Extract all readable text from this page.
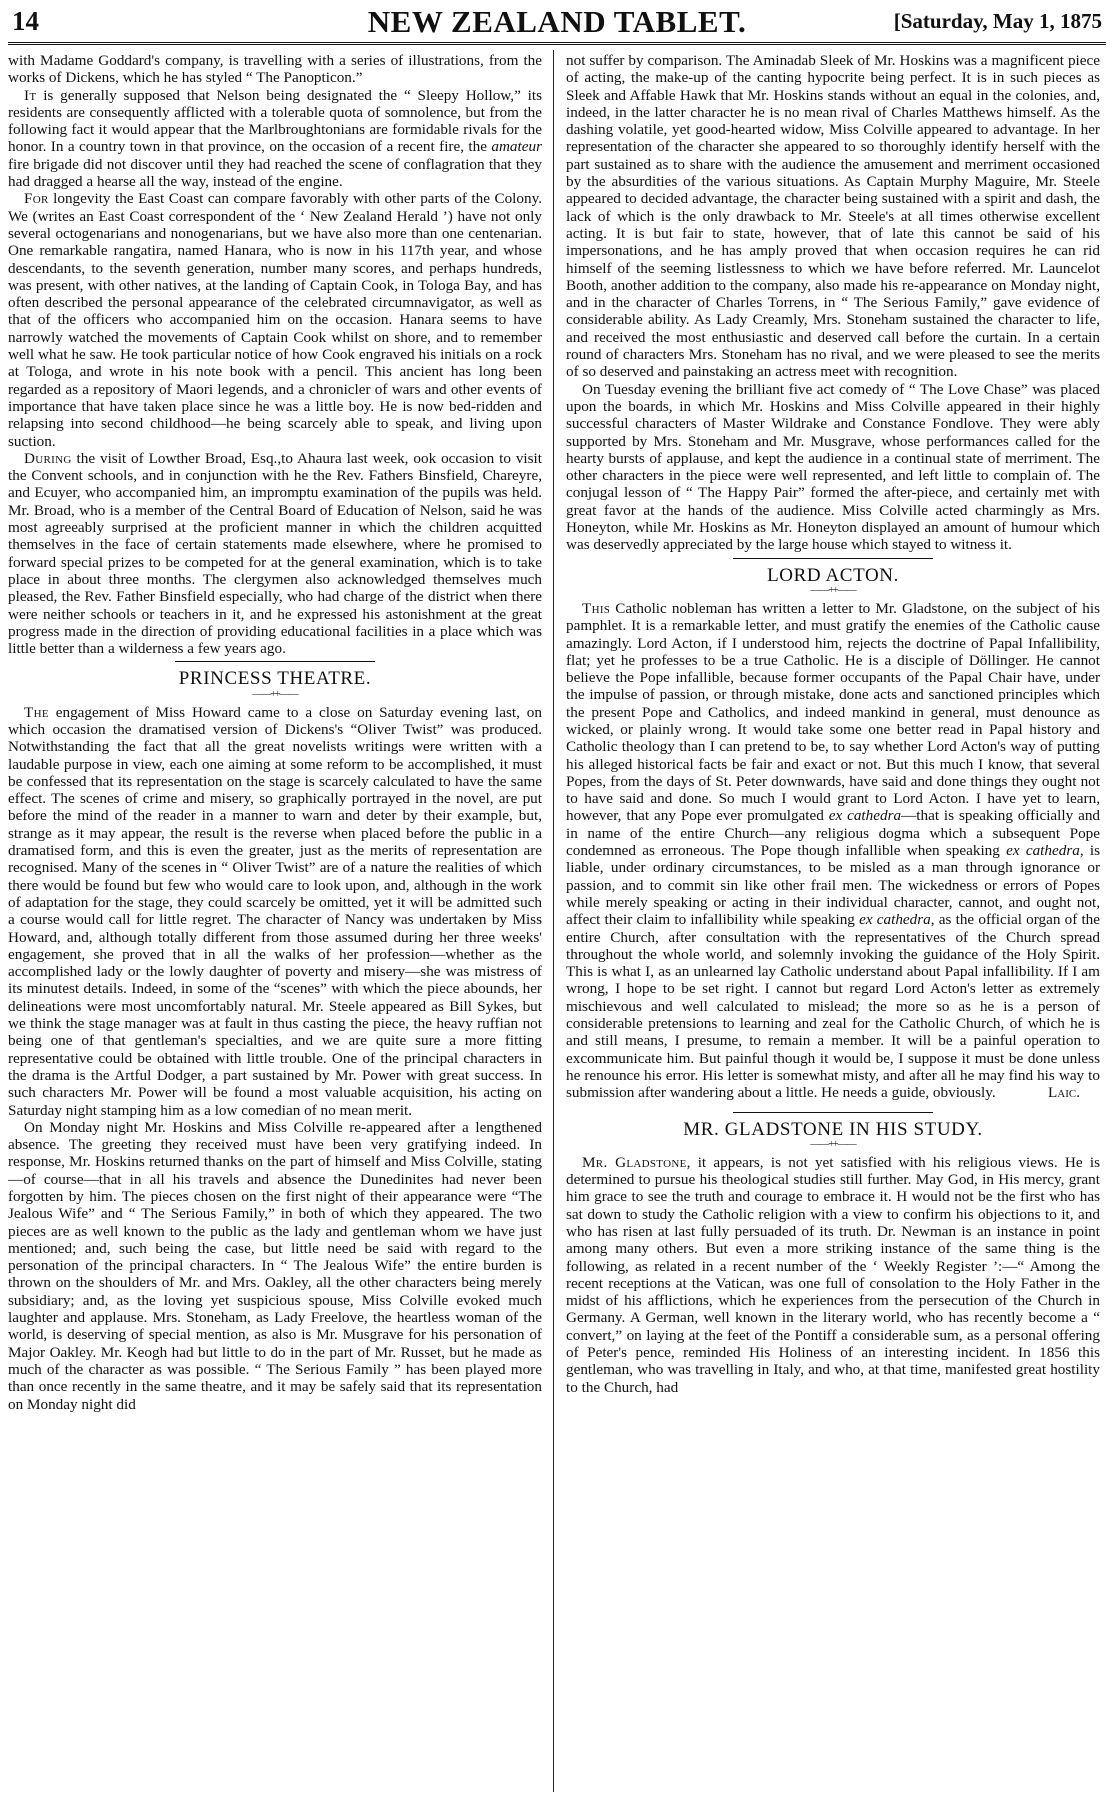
14	NEW ZEALAND TABLET.	[Saturday, May 1, 1875

with Madame Goddard's company, is travelling with a series of illustrations, from the works of Dickens, which he has styled “ The Panopticon.”

It is generally supposed that Nelson being designated the “ Sleepy Hollow,” its residents are consequently afflicted with a tolerable quota of somnolence, but from the following fact it would appear that the Marlbroughtonians are formidable rivals for the honor. In a country town in that province, on the occasion of a recent fire, the amateur fire brigade did not discover until they had reached the scene of conflagration that they had dragged a hearse all the way, instead of the engine.

For longevity the East Coast can compare favorably with other parts of the Colony. We (writes an East Coast correspondent of the ‘ New Zealand Herald ’) have not only several octogenarians and nonogenarians, but we have also more than one centenarian. One remarkable rangatira, named Hanara, who is now in his 117th year, and whose descendants, to the seventh generation, number many scores, and perhaps hundreds, was present, with other natives, at the landing of Captain Cook, in Tologa Bay, and has often described the personal appearance of the celebrated circumnavigator, as well as that of the officers who accompanied him on the occasion. Hanara seems to have narrowly watched the movements of Captain Cook whilst on shore, and to remember well what he saw. He took particular notice of how Cook engraved his initials on a rock at Tologa, and wrote in his note book with a pencil. This ancient has long been regarded as a repository of Maori legends, and a chronicler of wars and other events of importance that have taken place since he was a little boy. He is now bed-ridden and relapsing into second childhood—he being scarcely able to speak, and living upon suction.

During the visit of Lowther Broad, Esq.,to Ahaura last week, ook occasion to visit the Convent schools, and in conjunction with he the Rev. Fathers Binsfield, Chareyre, and Ecuyer, who accompanied him, an impromptu examination of the pupils was held. Mr. Broad, who is a member of the Central Board of Education of Nelson, said he was most agreeably surprised at the proficient manner in which the children acquitted themselves in the face of certain statements made elsewhere, where he promised to forward special prizes to be competed for at the general examination, which is to take place in about three months. The clergymen also acknowledged themselves much pleased, the Rev. Father Binsfield especially, who had charge of the district when there were neither schools or teachers in it, and he expressed his astonishment at the great progress made in the direction of providing educational facilities in a place which was little better than a wilderness a few years ago.

PRINCESS THEATRE.
——++——

The engagement of Miss Howard came to a close on Saturday evening last, on which occasion the dramatised version of Dickens's “Oliver Twist” was produced. Notwithstanding the fact that all the great novelists writings were written with a laudable purpose in view, each one aiming at some reform to be accomplished, it must be confessed that its representation on the stage is scarcely calculated to have the same effect. The scenes of crime and misery, so graphically portrayed in the novel, are put before the mind of the reader in a manner to warn and deter by their example, but, strange as it may appear, the result is the reverse when placed before the public in a dramatised form, and this is even the greater, just as the merits of representation are recognised. Many of the scenes in “ Oliver Twist” are of a nature the realities of which there would be found but few who would care to look upon, and, although in the work of adaptation for the stage, they could scarcely be omitted, yet it will be admitted such a course would call for little regret. The character of Nancy was undertaken by Miss Howard, and, although totally different from those assumed during her three weeks' engagement, she proved that in all the walks of her profession—whether as the accomplished lady or the lowly daughter of poverty and misery—she was mistress of its minutest details. Indeed, in some of the “scenes” with which the piece abounds, her delineations were most uncomfortably natural. Mr. Steele appeared as Bill Sykes, but we think the stage manager was at fault in thus casting the piece, the heavy ruffian not being one of that gentleman's specialties, and we are quite sure a more fitting representative could be obtained with little trouble. One of the principal characters in the drama is the Artful Dodger, a part sustained by Mr. Power with great success. In such characters Mr. Power will be found a most valuable acquisition, his acting on Saturday night stamping him as a low comedian of no mean merit.

On Monday night Mr. Hoskins and Miss Colville re-appeared after a lengthened absence. The greeting they received must have been very gratifying indeed. In response, Mr. Hoskins returned thanks on the part of himself and Miss Colville, stating—of course—that in all his travels and absence the Dunedinites had never been forgotten by him. The pieces chosen on the first night of their appearance were “The Jealous Wife” and “ The Serious Family,” in both of which they appeared. The two pieces are as well known to the public as the lady and gentleman whom we have just mentioned; and, such being the case, but little need be said with regard to the personation of the principal characters. In “ The Jealous Wife” the entire burden is thrown on the shoulders of Mr. and Mrs. Oakley, all the other characters being merely subsidiary; and, as the loving yet suspicious spouse, Miss Colville evoked much laughter and applause. Mrs. Stoneham, as Lady Freelove, the heartless woman of the world, is deserving of special mention, as also is Mr. Musgrave for his personation of Major Oakley. Mr. Keogh had but little to do in the part of Mr. Russet, but he made as much of the character as was possible. “ The Serious Family ” has been played more than once recently in the same theatre, and it may be safely said that its representation on Monday night did

not suffer by comparison. The Aminadab Sleek of Mr. Hoskins was a magnificent piece of acting, the make-up of the canting hypocrite being perfect. It is in such pieces as Sleek and Affable Hawk that Mr. Hoskins stands without an equal in the colonies, and, indeed, in the latter character he is no mean rival of Charles Matthews himself. As the dashing volatile, yet good-hearted widow, Miss Colville appeared to advantage. In her representation of the character she appeared to so thoroughly identify herself with the part sustained as to share with the audience the amusement and merriment occasioned by the absurdities of the various situations. As Captain Murphy Maguire, Mr. Steele appeared to decided advantage, the character being sustained with a spirit and dash, the lack of which is the only drawback to Mr. Steele's at all times otherwise excellent acting. It is but fair to state, however, that of late this cannot be said of his impersonations, and he has amply proved that when occasion requires he can rid himself of the seeming listlessness to which we have before referred. Mr. Launcelot Booth, another addition to the company, also made his re-appearance on Monday night, and in the character of Charles Torrens, in “ The Serious Family,” gave evidence of considerable ability. As Lady Creamly, Mrs. Stoneham sustained the character to life, and received the most enthusiastic and deserved call before the curtain. In a certain round of characters Mrs. Stoneham has no rival, and we were pleased to see the merits of so deserved and painstaking an actress meet with recognition.

On Tuesday evening the brilliant five act comedy of “ The Love Chase” was placed upon the boards, in which Mr. Hoskins and Miss Colville appeared in their highly successful characters of Master Wildrake and Constance Fondlove. They were ably supported by Mrs. Stoneham and Mr. Musgrave, whose performances called for the hearty bursts of applause, and kept the audience in a continual state of merriment. The other characters in the piece were well represented, and left little to complain of. The conjugal lesson of “ The Happy Pair” formed the after-piece, and certainly met with great favor at the hands of the audience. Miss Colville acted charmingly as Mrs. Honeyton, while Mr. Hoskins as Mr. Honeyton displayed an amount of humour which was deservedly appreciated by the large house which stayed to witness it.

LORD ACTON.
——++——

This Catholic nobleman has written a letter to Mr. Gladstone, on the subject of his pamphlet. It is a remarkable letter, and must gratify the enemies of the Catholic cause amazingly. Lord Acton, if I understood him, rejects the doctrine of Papal Infallibility, flat; yet he professes to be a true Catholic. He is a disciple of Döllinger. He cannot believe the Pope infallible, because former occupants of the Papal Chair have, under the impulse of passion, or through mistake, done acts and sanctioned principles which the present Pope and Catholics, and indeed mankind in general, must denounce as wicked, or plainly wrong. It would take some one better read in Papal history and Catholic theology than I can pretend to be, to say whether Lord Acton's way of putting his alleged historical facts be fair and exact or not. But this much I know, that several Popes, from the days of St. Peter downwards, have said and done things they ought not to have said and done. So much I would grant to Lord Acton. I have yet to learn, however, that any Pope ever promulgated ex cathedra—that is speaking officially and in name of the entire Church—any religious dogma which a subsequent Pope condemned as erroneous. The Pope though infallible when speaking ex cathedra, is liable, under ordinary circumstances, to be misled as a man through ignorance or passion, and to commit sin like other frail men. The wickedness or errors of Popes while merely speaking or acting in their individual character, cannot, and ought not, affect their claim to infallibility while speaking ex cathedra, as the official organ of the entire Church, after consultation with the representatives of the Church spread throughout the whole world, and solemnly invoking the guidance of the Holy Spirit. This is what I, as an unlearned lay Catholic understand about Papal infallibility. If I am wrong, I hope to be set right. I cannot but regard Lord Acton's letter as extremely mischievous and well calculated to mislead; the more so as he is a person of considerable pretensions to learning and zeal for the Catholic Church, of which he is and still means, I presume, to remain a member. It will be a painful operation to excommunicate him. But painful though it would be, I suppose it must be done unless he renounce his error. His letter is somewhat misty, and after all he may find his way to submission after wandering about a little. He needs a guide, obviously.	Laic.

MR. GLADSTONE IN HIS STUDY.
——++——

Mr. Gladstone, it appears, is not yet satisfied with his religious views. He is determined to pursue his theological studies still further. May God, in His mercy, grant him grace to see the truth and courage to embrace it. H would not be the first who has sat down to study the Catholic religion with a view to confirm his objections to it, and who has risen at last fully persuaded of its truth. Dr. Newman is an instance in point among many others. But even a more striking instance of the same thing is the following, as related in a recent number of the ‘ Weekly Register ’:—“ Among the recent receptions at the Vatican, was one full of consolation to the Holy Father in the midst of his afflictions, which he experiences from the persecution of the Church in Germany. A German, well known in the literary world, who has recently become a “ convert,” on laying at the feet of the Pontiff a considerable sum, as a personal offering of Peter's pence, reminded His Holiness of an interesting incident. In 1856 this gentleman, who was travelling in Italy, and who, at that time, manifested great hostility to the Church, had
